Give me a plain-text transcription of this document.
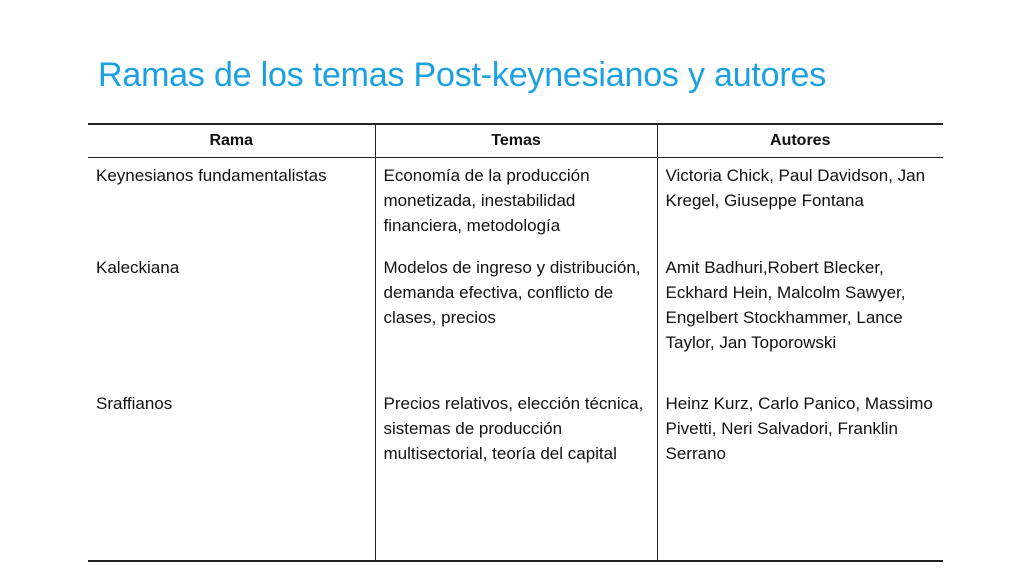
Ramas de los temas Post-keynesianos y autores
Rama	Temas	Autores

Keynesianos fundamentalistas	Economía de la producción monetizada, inestabilidad financiera, metodología	Victoria Chick, Paul Davidson, Jan Kregel, Giuseppe Fontana

Kaleckiana	Modelos de ingreso y distribución, demanda efectiva, conflicto de clases, precios	Amit Badhuri,Robert Blecker, Eckhard Hein, Malcolm Sawyer, Engelbert Stockhammer, Lance Taylor, Jan Toporowski

Sraffianos	Precios relativos, elección técnica, sistemas de producción multisectorial, teoría del capital	Heinz Kurz, Carlo Panico, Massimo Pivetti, Neri Salvadori, Franklin Serrano
